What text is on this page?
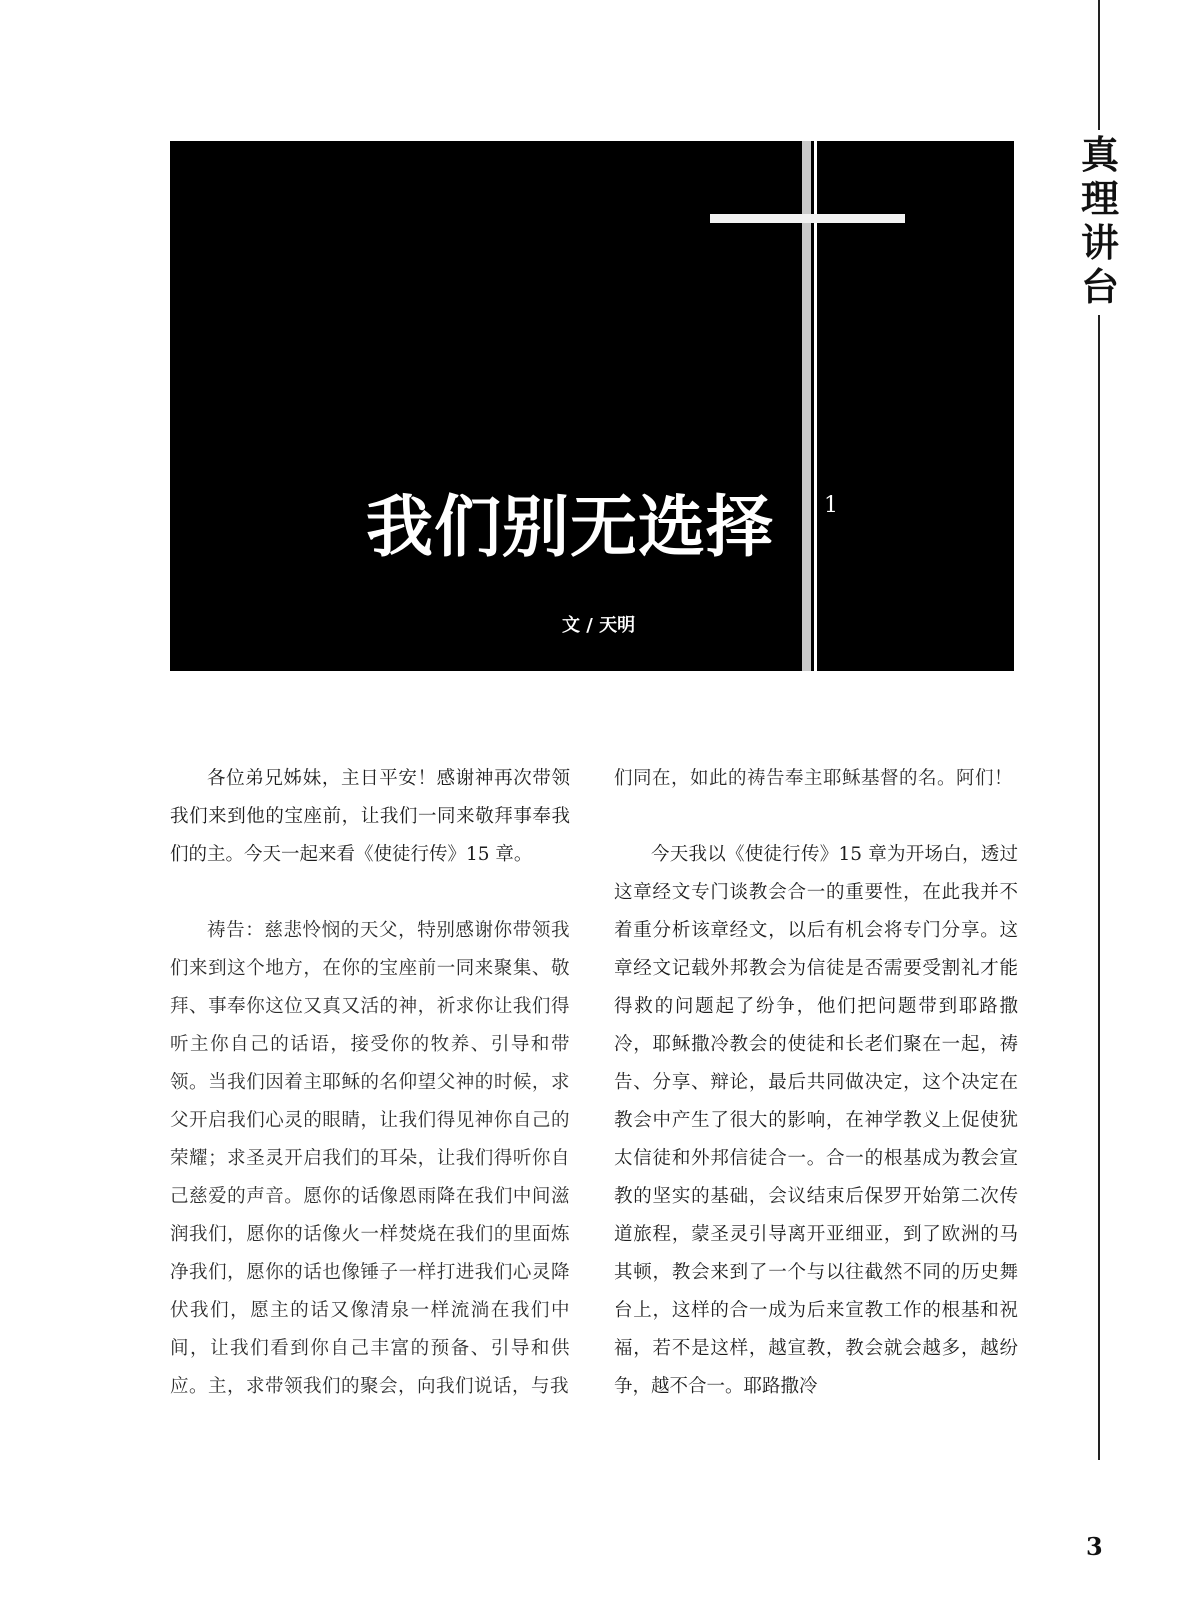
真
理
讲
台
我们别无选择	1
文 / 天明

各位弟兄姊妹，主日平安！感谢神再次带领我们来到他的宝座前，让我们一同来敬拜事奉我们的主。今天一起来看《使徒行传》15 章。

祷告：慈悲怜悯的天父，特别感谢你带领我们来到这个地方，在你的宝座前一同来聚集、敬拜、事奉你这位又真又活的神，祈求你让我们得听主你自己的话语，接受你的牧养、引导和带领。当我们因着主耶稣的名仰望父神的时候，求父开启我们心灵的眼睛，让我们得见神你自己的荣耀；求圣灵开启我们的耳朵，让我们得听你自己慈爱的声音。愿你的话像恩雨降在我们中间滋润我们，愿你的话像火一样焚烧在我们的里面炼净我们，愿你的话也像锤子一样打进我们心灵降伏我们，愿主的话又像清泉一样流淌在我们中间，让我们看到你自己丰富的预备、引导和供应。主，求带领我们的聚会，向我们说话，与我

们同在，如此的祷告奉主耶稣基督的名。阿们！

今天我以《使徒行传》15 章为开场白，透过这章经文专门谈教会合一的重要性，在此我并不着重分析该章经文，以后有机会将专门分享。这章经文记载外邦教会为信徒是否需要受割礼才能得救的问题起了纷争，他们把问题带到耶路撒冷，耶稣撒冷教会的使徒和长老们聚在一起，祷告、分享、辩论，最后共同做决定，这个决定在教会中产生了很大的影响，在神学教义上促使犹太信徒和外邦信徒合一。合一的根基成为教会宣教的坚实的基础，会议结束后保罗开始第二次传道旅程，蒙圣灵引导离开亚细亚，到了欧洲的马其顿，教会来到了一个与以往截然不同的历史舞台上，这样的合一成为后来宣教工作的根基和祝福，若不是这样，越宣教，教会就会越多，越纷争，越不合一。耶路撒冷

3
